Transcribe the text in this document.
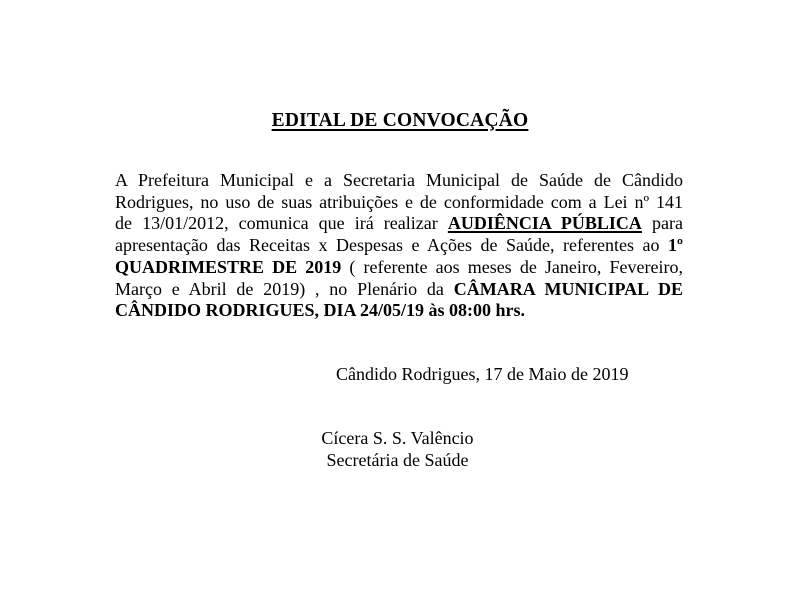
EDITAL DE CONVOCAÇÃO
A Prefeitura Municipal e a Secretaria Municipal de Saúde de Cândido
Rodrigues, no uso de suas atribuições e de conformidade com a Lei nº 141
de 13/01/2012, comunica que irá realizar AUDIÊNCIA PÚBLICA para
apresentação das Receitas x Despesas e Ações de Saúde, referentes ao 1º
QUADRIMESTRE DE 2019 ( referente aos meses de Janeiro, Fevereiro,
Março e Abril de 2019) , no Plenário da CÂMARA MUNICIPAL DE
CÂNDIDO RODRIGUES, DIA 24/05/19 às 08:00 hrs.
Cândido Rodrigues, 17 de Maio de 2019
Cícera S. S. Valêncio
Secretária de Saúde
